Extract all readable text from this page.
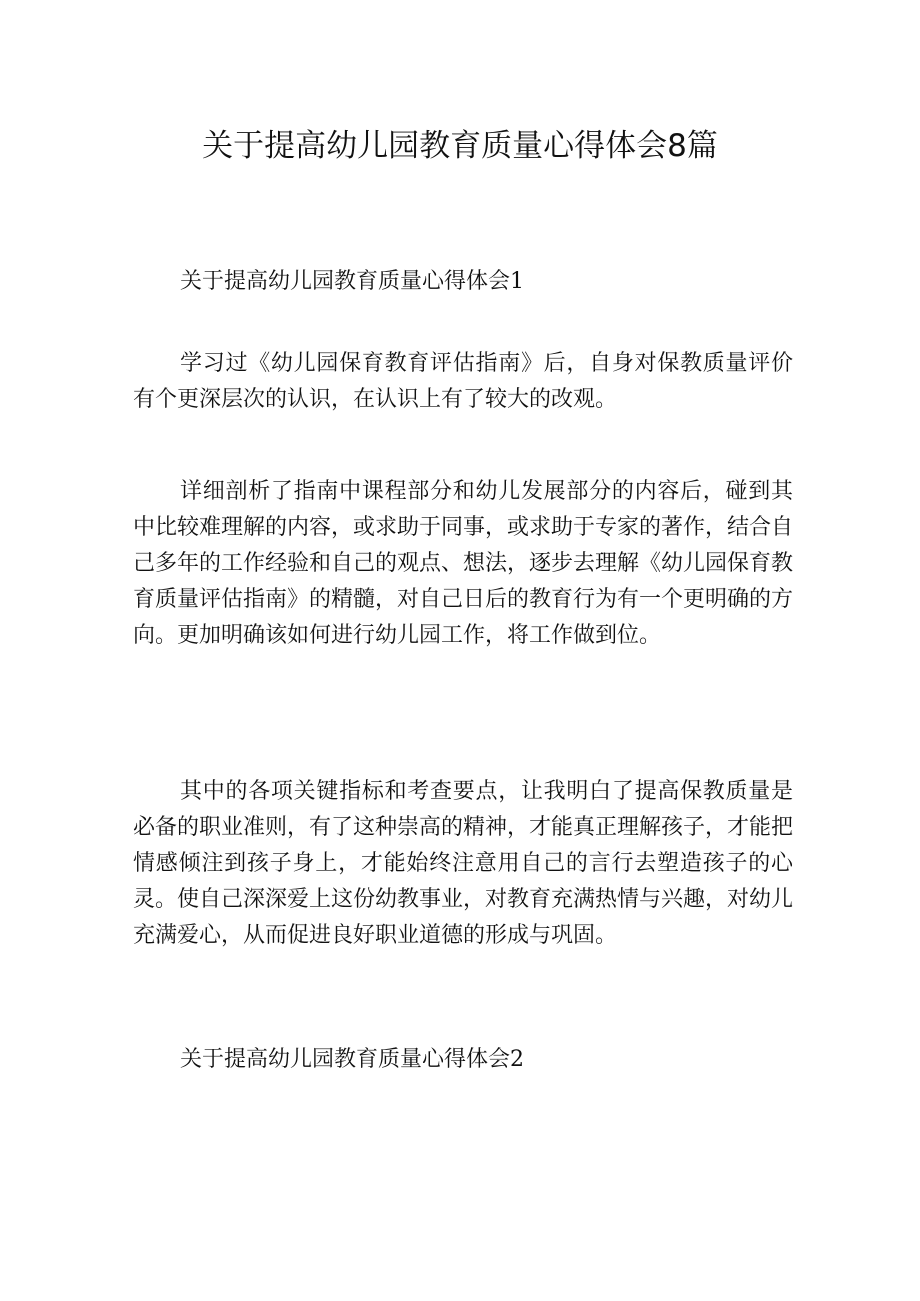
关于提高幼儿园教育质量心得体会8篇

关于提高幼儿园教育质量心得体会1

学习过《幼儿园保育教育评估指南》后，自身对保教质量评价有个更深层次的认识，在认识上有了较大的改观。

详细剖析了指南中课程部分和幼儿发展部分的内容后，碰到其中比较难理解的内容，或求助于同事，或求助于专家的著作，结合自己多年的工作经验和自己的观点、想法，逐步去理解《幼儿园保育教育质量评估指南》的精髓，对自己日后的教育行为有一个更明确的方向。更加明确该如何进行幼儿园工作，将工作做到位。

其中的各项关键指标和考查要点，让我明白了提高保教质量是必备的职业准则，有了这种崇高的精神，才能真正理解孩子，才能把情感倾注到孩子身上，才能始终注意用自己的言行去塑造孩子的心灵。使自己深深爱上这份幼教事业，对教育充满热情与兴趣，对幼儿充满爱心，从而促进良好职业道德的形成与巩固。

关于提高幼儿园教育质量心得体会2
